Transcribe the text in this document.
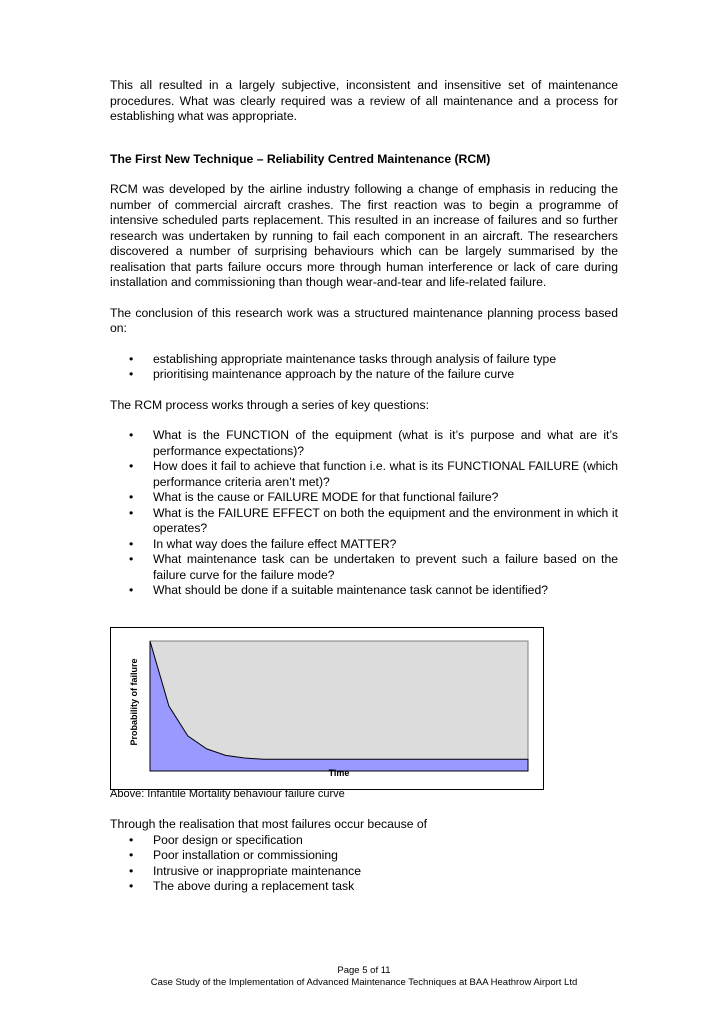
This all resulted in a largely subjective, inconsistent and insensitive set of maintenance procedures. What was clearly required was a review of all maintenance and a process for establishing what was appropriate.

The First New Technique – Reliability Centred Maintenance (RCM)

RCM was developed by the airline industry following a change of emphasis in reducing the number of commercial aircraft crashes. The first reaction was to begin a programme of intensive scheduled parts replacement. This resulted in an increase of failures and so further research was undertaken by running to fail each component in an aircraft. The researchers discovered a number of surprising behaviours which can be largely summarised by the realisation that parts failure occurs more through human interference or lack of care during installation and commissioning than though wear-and-tear and life-related failure.

The conclusion of this research work was a structured maintenance planning process based on:

• establishing appropriate maintenance tasks through analysis of failure type
• prioritising maintenance approach by the nature of the failure curve

The RCM process works through a series of key questions:

• What is the FUNCTION of the equipment (what is it’s purpose and what are it’s performance expectations)?
• How does it fail to achieve that function i.e. what is its FUNCTIONAL FAILURE (which performance criteria aren’t met)?
• What is the cause or FAILURE MODE for that functional failure?
• What is the FAILURE EFFECT on both the equipment and the environment in which it operates?
• In what way does the failure effect MATTER?
• What maintenance task can be undertaken to prevent such a failure based on the failure curve for the failure mode?
• What should be done if a suitable maintenance task cannot be identified?
Probability of failure
Time
Above: Infantile Mortality behaviour failure curve

Through the realisation that most failures occur because of

• Poor design or specification
• Poor installation or commissioning
• Intrusive or inappropriate maintenance
• The above during a replacement task
Page 5 of 11
Case Study of the Implementation of Advanced Maintenance Techniques at BAA Heathrow Airport Ltd
